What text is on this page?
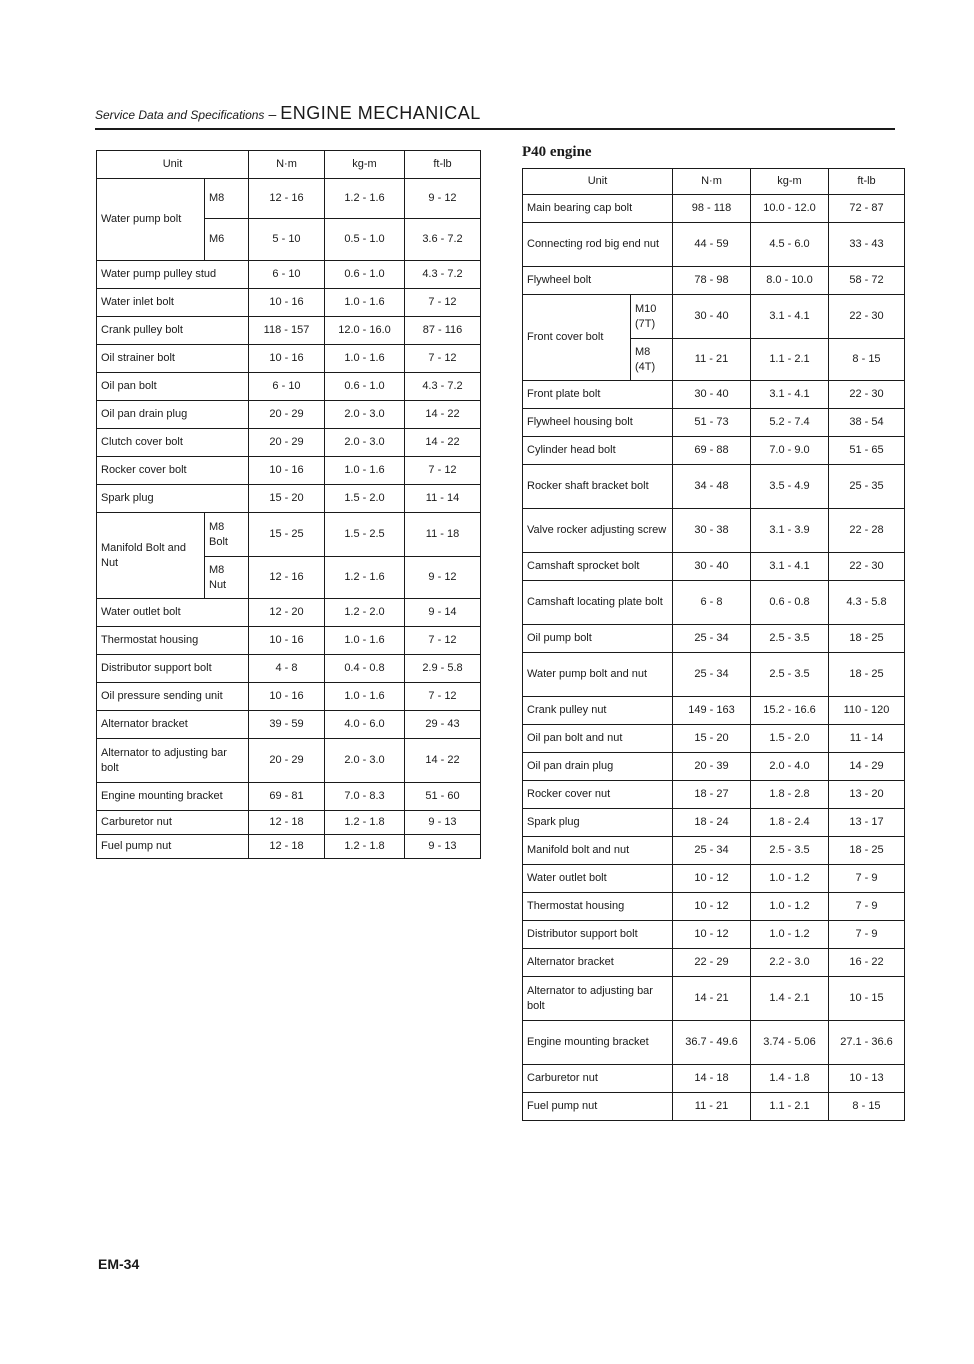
Service Data and Specifications – ENGINE MECHANICAL
Unit		N·m	kg-m	ft-lb
Water pump bolt	M8	12 - 16	1.2 - 1.6	9 - 12
	M6	5 - 10	0.5 - 1.0	3.6 - 7.2
Water pump pulley stud		6 - 10	0.6 - 1.0	4.3 - 7.2
Water inlet bolt		10 - 16	1.0 - 1.6	7 - 12
Crank pulley bolt		118 - 157	12.0 - 16.0	87 - 116
Oil strainer bolt		10 - 16	1.0 - 1.6	7 - 12
Oil pan bolt		6 - 10	0.6 - 1.0	4.3 - 7.2
Oil pan drain plug		20 - 29	2.0 - 3.0	14 - 22
Clutch cover bolt		20 - 29	2.0 - 3.0	14 - 22
Rocker cover bolt		10 - 16	1.0 - 1.6	7 - 12
Spark plug		15 - 20	1.5 - 2.0	11 - 14
Manifold Bolt and Nut	M8 Bolt	15 - 25	1.5 - 2.5	11 - 18
	M8 Nut	12 - 16	1.2 - 1.6	9 - 12
Water outlet bolt		12 - 20	1.2 - 2.0	9 - 14
Thermostat housing		10 - 16	1.0 - 1.6	7 - 12
Distributor support bolt		4 - 8	0.4 - 0.8	2.9 - 5.8
Oil pressure sending unit		10 - 16	1.0 - 1.6	7 - 12
Alternator bracket		39 - 59	4.0 - 6.0	29 - 43
Alternator to adjusting bar bolt		20 - 29	2.0 - 3.0	14 - 22
Engine mounting bracket		69 - 81	7.0 - 8.3	51 - 60
Carburetor nut		12 - 18	1.2 - 1.8	9 - 13
Fuel pump nut		12 - 18	1.2 - 1.8	9 - 13
P40 engine
Unit		N·m	kg-m	ft-lb
Main bearing cap bolt		98 - 118	10.0 - 12.0	72 - 87
Connecting rod big end nut		44 - 59	4.5 - 6.0	33 - 43
Flywheel bolt		78 - 98	8.0 - 10.0	58 - 72
Front cover bolt	M10 (7T)	30 - 40	3.1 - 4.1	22 - 30
	M8 (4T)	11 - 21	1.1 - 2.1	8 - 15
Front plate bolt		30 - 40	3.1 - 4.1	22 - 30
Flywheel housing bolt		51 - 73	5.2 - 7.4	38 - 54
Cylinder head bolt		69 - 88	7.0 - 9.0	51 - 65
Rocker shaft bracket bolt		34 - 48	3.5 - 4.9	25 - 35
Valve rocker adjusting screw		30 - 38	3.1 - 3.9	22 - 28
Camshaft sprocket bolt		30 - 40	3.1 - 4.1	22 - 30
Camshaft locating plate bolt		6 - 8	0.6 - 0.8	4.3 - 5.8
Oil pump bolt		25 - 34	2.5 - 3.5	18 - 25
Water pump bolt and nut		25 - 34	2.5 - 3.5	18 - 25
Crank pulley nut		149 - 163	15.2 - 16.6	110 - 120
Oil pan bolt and nut		15 - 20	1.5 - 2.0	11 - 14
Oil pan drain plug		20 - 39	2.0 - 4.0	14 - 29
Rocker cover nut		18 - 27	1.8 - 2.8	13 - 20
Spark plug		18 - 24	1.8 - 2.4	13 - 17
Manifold bolt and nut		25 - 34	2.5 - 3.5	18 - 25
Water outlet bolt		10 - 12	1.0 - 1.2	7 - 9
Thermostat housing		10 - 12	1.0 - 1.2	7 - 9
Distributor support bolt		10 - 12	1.0 - 1.2	7 - 9
Alternator bracket		22 - 29	2.2 - 3.0	16 - 22
Alternator to adjusting bar bolt		14 - 21	1.4 - 2.1	10 - 15
Engine mounting bracket		36.7 - 49.6	3.74 - 5.06	27.1 - 36.6
Carburetor nut		14 - 18	1.4 - 1.8	10 - 13
Fuel pump nut		11 - 21	1.1 - 2.1	8 - 15
EM-34
